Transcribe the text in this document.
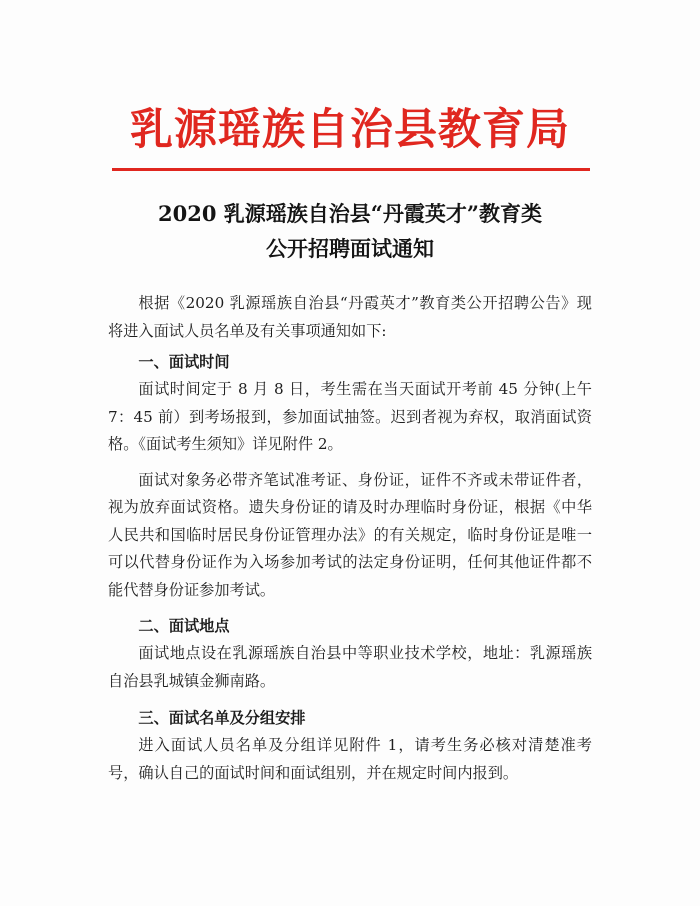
乳源瑶族自治县教育局
2020 乳源瑶族自治县“丹霞英才”教育类
公开招聘面试通知

根据《2020 乳源瑶族自治县“丹霞英才”教育类公开招聘公告》现将进入面试人员名单及有关事项通知如下:

一、面试时间

面试时间定于 8 月 8 日，考生需在当天面试开考前 45 分钟(上午 7：45 前）到考场报到，参加面试抽签。迟到者视为弃权，取消面试资格。《面试考生须知》详见附件 2。

面试对象务必带齐笔试准考证、身份证，证件不齐或未带证件者，视为放弃面试资格。遗失身份证的请及时办理临时身份证，根据《中华人民共和国临时居民身份证管理办法》的有关规定，临时身份证是唯一可以代替身份证作为入场参加考试的法定身份证明，任何其他证件都不能代替身份证参加考试。

二、面试地点

面试地点设在乳源瑶族自治县中等职业技术学校，地址：乳源瑶族自治县乳城镇金狮南路。

三、面试名单及分组安排

进入面试人员名单及分组详见附件 1，请考生务必核对清楚准考号，确认自己的面试时间和面试组别，并在规定时间内报到。
